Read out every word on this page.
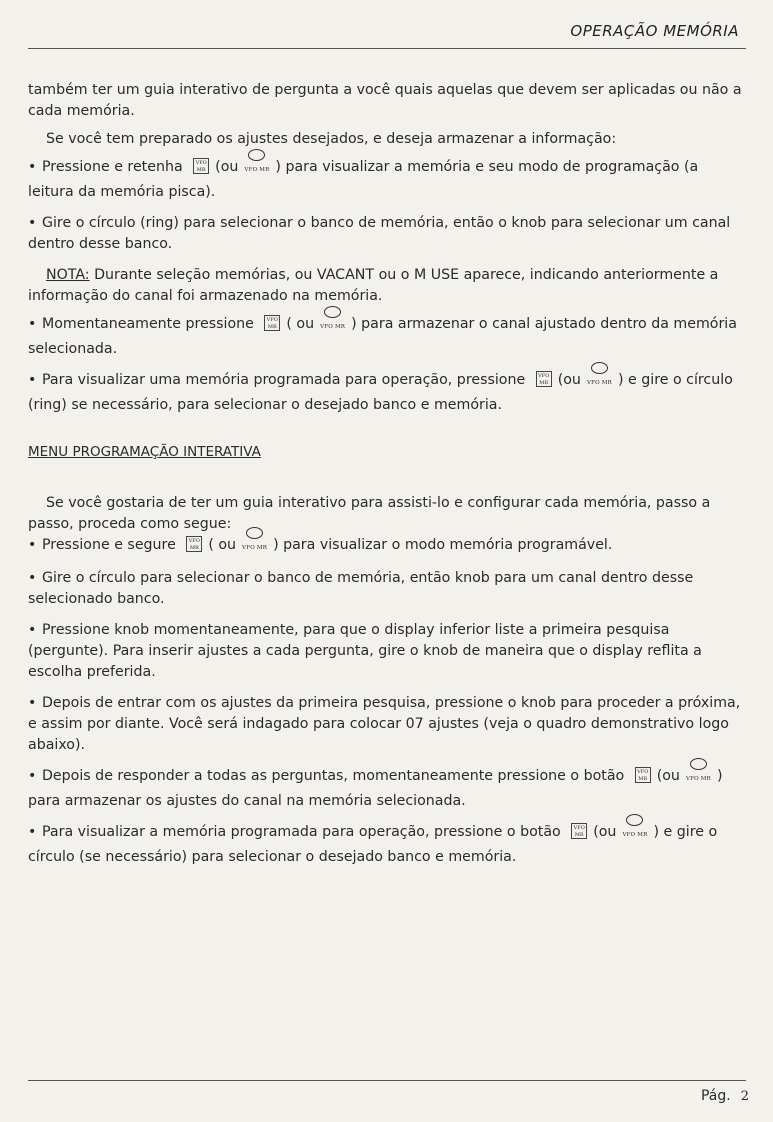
OPERAÇÃO MEMÓRIA

também ter um guia interativo de pergunta a você quais aquelas que devem ser aplicadas ou não a cada memória.

Se você tem preparado os ajustes desejados, e deseja armazenar a informação:

• Pressione e retenha	VFO
MR (ou VFO MR ) para visualizar a memória e seu modo de programação (a leitura da memória pisca).

• Gire o círculo (ring) para selecionar o banco de memória, então o knob para selecionar um canal dentro desse banco.

NOTA: Durante seleção memórias, ou VACANT ou o M USE aparece, indicando anteriormente a informação do canal foi armazenado na memória.

• Momentaneamente pressione	VFO
MR ( ou VFO MR ) para armazenar o canal ajustado dentro da memória selecionada.

• Para visualizar uma memória programada para operação, pressione	VFO
MR (ou VFO MR ) e gire o círculo (ring) se necessário, para selecionar o desejado banco e memória.

MENU PROGRAMAÇÃO INTERATIVA

Se você gostaria de ter um guia interativo para assisti-lo e configurar cada memória, passo a passo, proceda como segue:

• Pressione e segure	VFO
MR ( ou VFO MR ) para visualizar o modo memória programável.

• Gire o círculo para selecionar o banco de memória, então knob para um canal dentro desse selecionado banco.

• Pressione knob momentaneamente, para que o display inferior liste a primeira pesquisa (pergunte). Para inserir ajustes a cada pergunta, gire o knob de maneira que o display reflita a escolha preferida.

• Depois de entrar com os ajustes da primeira pesquisa, pressione o knob para proceder a próxima, e assim por diante. Você será indagado para colocar 07 ajustes (veja o quadro demonstrativo logo abaixo).

• Depois de responder a todas as perguntas, momentaneamente pressione o botão	VFO
MR (ou VFO MR ) para armazenar os ajustes do canal na memória selecionada.

• Para visualizar a memória programada para operação, pressione o botão	VFO
MR (ou VFO MR ) e gire o círculo (se necessário) para selecionar o desejado banco e memória.

Pág. 2
